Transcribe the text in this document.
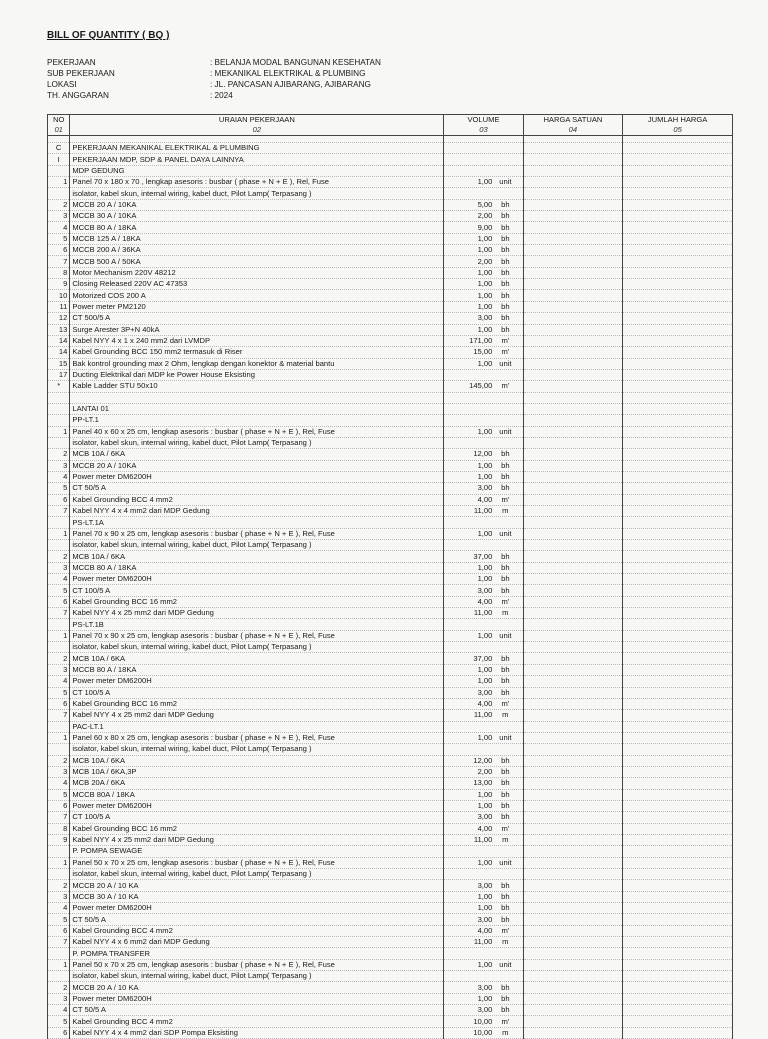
BILL OF QUANTITY ( BQ )
PEKERJAAN	: BELANJA MODAL BANGUNAN KESEHATAN
SUB PEKERJAAN	: MEKANIKAL ELEKTRIKAL & PLUMBING
LOKASI	: JL. PANCASAN AJIBARANG, AJIBARANG
TH. ANGGARAN	: 2024
NO	URAIAN PEKERJAAN	VOLUME	HARGA SATUAN	JUMLAH HARGA
01	02	03	04	05

C	PEKERJAAN MEKANIKAL ELEKTRIKAL & PLUMBING			
I	PEKERJAAN MDP, SDP & PANEL DAYA LAINNYA			
	MDP GEDUNG			
1	Panel 70 x 180 x 70 , lengkap asesoris : busbar ( phase + N + E ), Rel, Fuse	1,00 unit		

	isolator, kabel skun, internal wiring, kabel duct, Pilot Lamp( Terpasang )			
2	MCCB 20 A / 10KA	5,00 bh		

3	MCCB 30 A / 10KA	2,00 bh		

4	MCCB 80 A / 18KA	9,00 bh		

5	MCCB 125 A / 18KA	1,00 bh		

6	MCCB 200 A / 36KA	1,00 bh		

7	MCCB 500 A / 50KA	2,00 bh		

8	Motor Mechanism 220V 48212	1,00 bh		

9	Closing Released 220V AC 47353	1,00 bh		

10	Motorized COS 200 A	1,00 bh		

11	Power meter PM2120	1,00 bh		

12	CT 500/5 A	3,00 bh		

13	Surge Arester 3P+N 40kA	1,00 bh		

14	Kabel NYY 4 x 1 x 240 mm2 dari LVMDP	171,00 m'		

14	Kabel Grounding BCC 150 mm2 termasuk di Riser	15,00 m'		

15	Bak kontrol grounding max 2 Ohm, lengkap dengan konektor & material bantu	1,00 unit		

17	Ducting Elektrikal dari MDP ke Power House Eksisting			
*	Kable Ladder STU 50x10	145,00 m'		

	LANTAI 01			
	PP-LT.1			
1	Panel 40 x 60 x 25 cm, lengkap asesoris : busbar ( phase + N + E ), Rel, Fuse	1,00 unit		

	isolator, kabel skun, internal wiring, kabel duct, Pilot Lamp( Terpasang )			
2	MCB 10A / 6KA	12,00 bh		

3	MCCB 20 A / 10KA	1,00 bh		

4	Power meter DM6200H	1,00 bh		

5	CT 50/5 A	3,00 bh		

6	Kabel Grounding BCC 4 mm2	4,00 m'		

7	Kabel NYY 4 x 4 mm2 dari MDP Gedung	11,00 m		

	PS-LT.1A			
1	Panel 70 x 90 x 25 cm, lengkap asesoris : busbar ( phase + N + E ), Rel, Fuse	1,00 unit		

	isolator, kabel skun, internal wiring, kabel duct, Pilot Lamp( Terpasang )			
2	MCB 10A / 6KA	37,00 bh		

3	MCCB 80 A / 18KA	1,00 bh		

4	Power meter DM6200H	1,00 bh		

5	CT 100/5 A	3,00 bh		

6	Kabel Grounding BCC 16 mm2	4,00 m'		

7	Kabel NYY 4 x 25 mm2 dari MDP Gedung	11,00 m		

	PS-LT.1B			
1	Panel 70 x 90 x 25 cm, lengkap asesoris : busbar ( phase + N + E ), Rel, Fuse	1,00 unit		

	isolator, kabel skun, internal wiring, kabel duct, Pilot Lamp( Terpasang )			
2	MCB 10A / 6KA	37,00 bh		

3	MCCB 80 A / 18KA	1,00 bh		

4	Power meter DM6200H	1,00 bh		

5	CT 100/5 A	3,00 bh		

6	Kabel Grounding BCC 16 mm2	4,00 m'		

7	Kabel NYY 4 x 25 mm2 dari MDP Gedung	11,00 m		

	PAC-LT.1			
1	Panel 60 x 80 x 25 cm, lengkap asesoris : busbar ( phase + N + E ), Rel, Fuse	1,00 unit		

	isolator, kabel skun, internal wiring, kabel duct, Pilot Lamp( Terpasang )			
2	MCB 10A / 6KA	12,00 bh		

3	MCB 10A / 6KA,3P	2,00 bh		

4	MCB 20A / 6KA	13,00 bh		

5	MCCB 80A / 18KA	1,00 bh		

6	Power meter DM6200H	1,00 bh		

7	CT 100/5 A	3,00 bh		

8	Kabel Grounding BCC 16 mm2	4,00 m'		

9	Kabel NYY 4 x 25 mm2 dari MDP Gedung	11,00 m		

	P. POMPA SEWAGE			
1	Panel 50 x 70 x 25 cm, lengkap asesoris : busbar ( phase + N + E ), Rel, Fuse	1,00 unit		

	isolator, kabel skun, internal wiring, kabel duct, Pilot Lamp( Terpasang )			
2	MCCB 20 A / 10 KA	3,00 bh		

3	MCCB 30 A / 10 KA	1,00 bh		

4	Power meter DM6200H	1,00 bh		

5	CT 50/5 A	3,00 bh		

6	Kabel Grounding BCC 4 mm2	4,00 m'		

7	Kabel NYY 4 x 6 mm2 dari MDP Gedung	11,00 m		

	P. POMPA TRANSFER			
1	Panel 50 x 70 x 25 cm, lengkap asesoris : busbar ( phase + N + E ), Rel, Fuse	1,00 unit		

	isolator, kabel skun, internal wiring, kabel duct, Pilot Lamp( Terpasang )			
2	MCCB 20 A / 10 KA	3,00 bh		

3	Power meter DM6200H	1,00 bh		

4	CT 50/5 A	3,00 bh		

5	Kabel Grounding BCC 4 mm2	10,00 m'		

6	Kabel NYY 4 x 4 mm2 dari SDP Pompa Eksisting	10,00 m		
